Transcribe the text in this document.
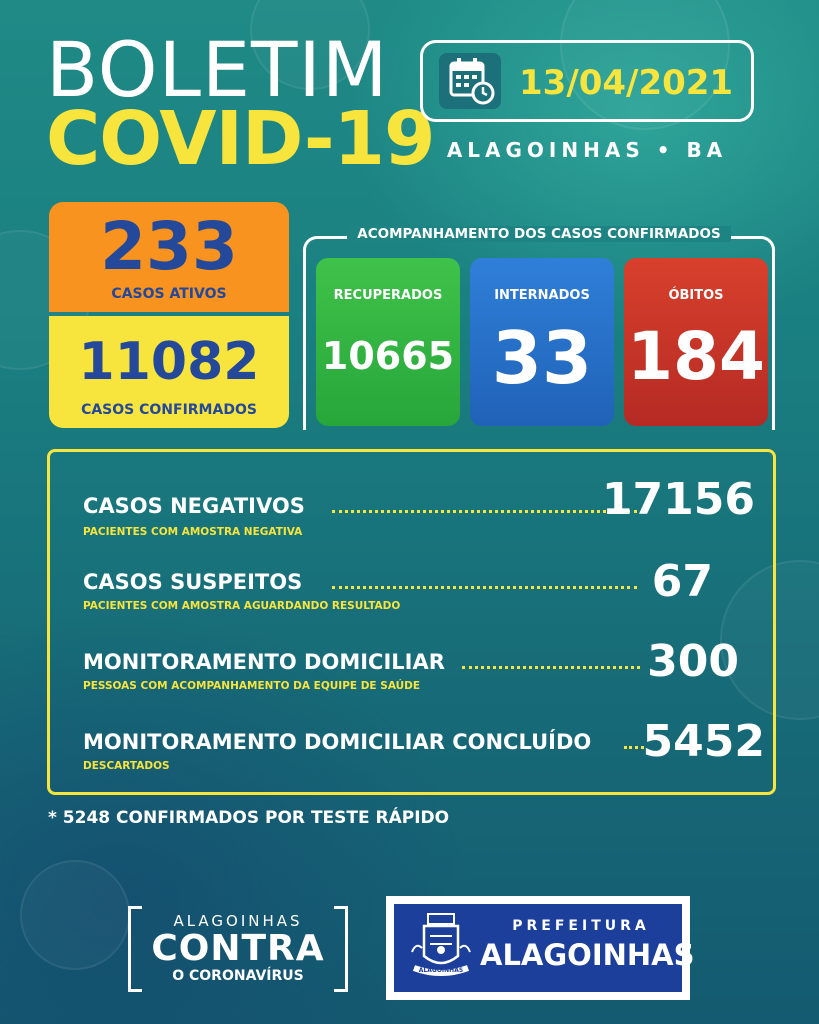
BOLETIM
COVID-19
13/04/2021
ALAGOINHAS • BA
233
CASOS ATIVOS
11082
CASOS CONFIRMADOS
ACOMPANHAMENTO DOS CASOS CONFIRMADOS
RECUPERADOS
10665
INTERNADOS
33
ÓBITOS
184
CASOS NEGATIVOS	17156
PACIENTES COM AMOSTRA NEGATIVA
CASOS SUSPEITOS	67
PACIENTES COM AMOSTRA AGUARDANDO RESULTADO
MONITORAMENTO DOMICILIAR	300
PESSOAS COM ACOMPANHAMENTO DA EQUIPE DE SAÚDE
MONITORAMENTO DOMICILIAR CONCLUÍDO 5452
DESCARTADOS
* 5248 CONFIRMADOS POR TESTE RÁPIDO
ALAGOINHAS
CONTRA
O CORONAVÍRUS	ALAGOINHAS
PREFEITURA
ALAGOINHAS
